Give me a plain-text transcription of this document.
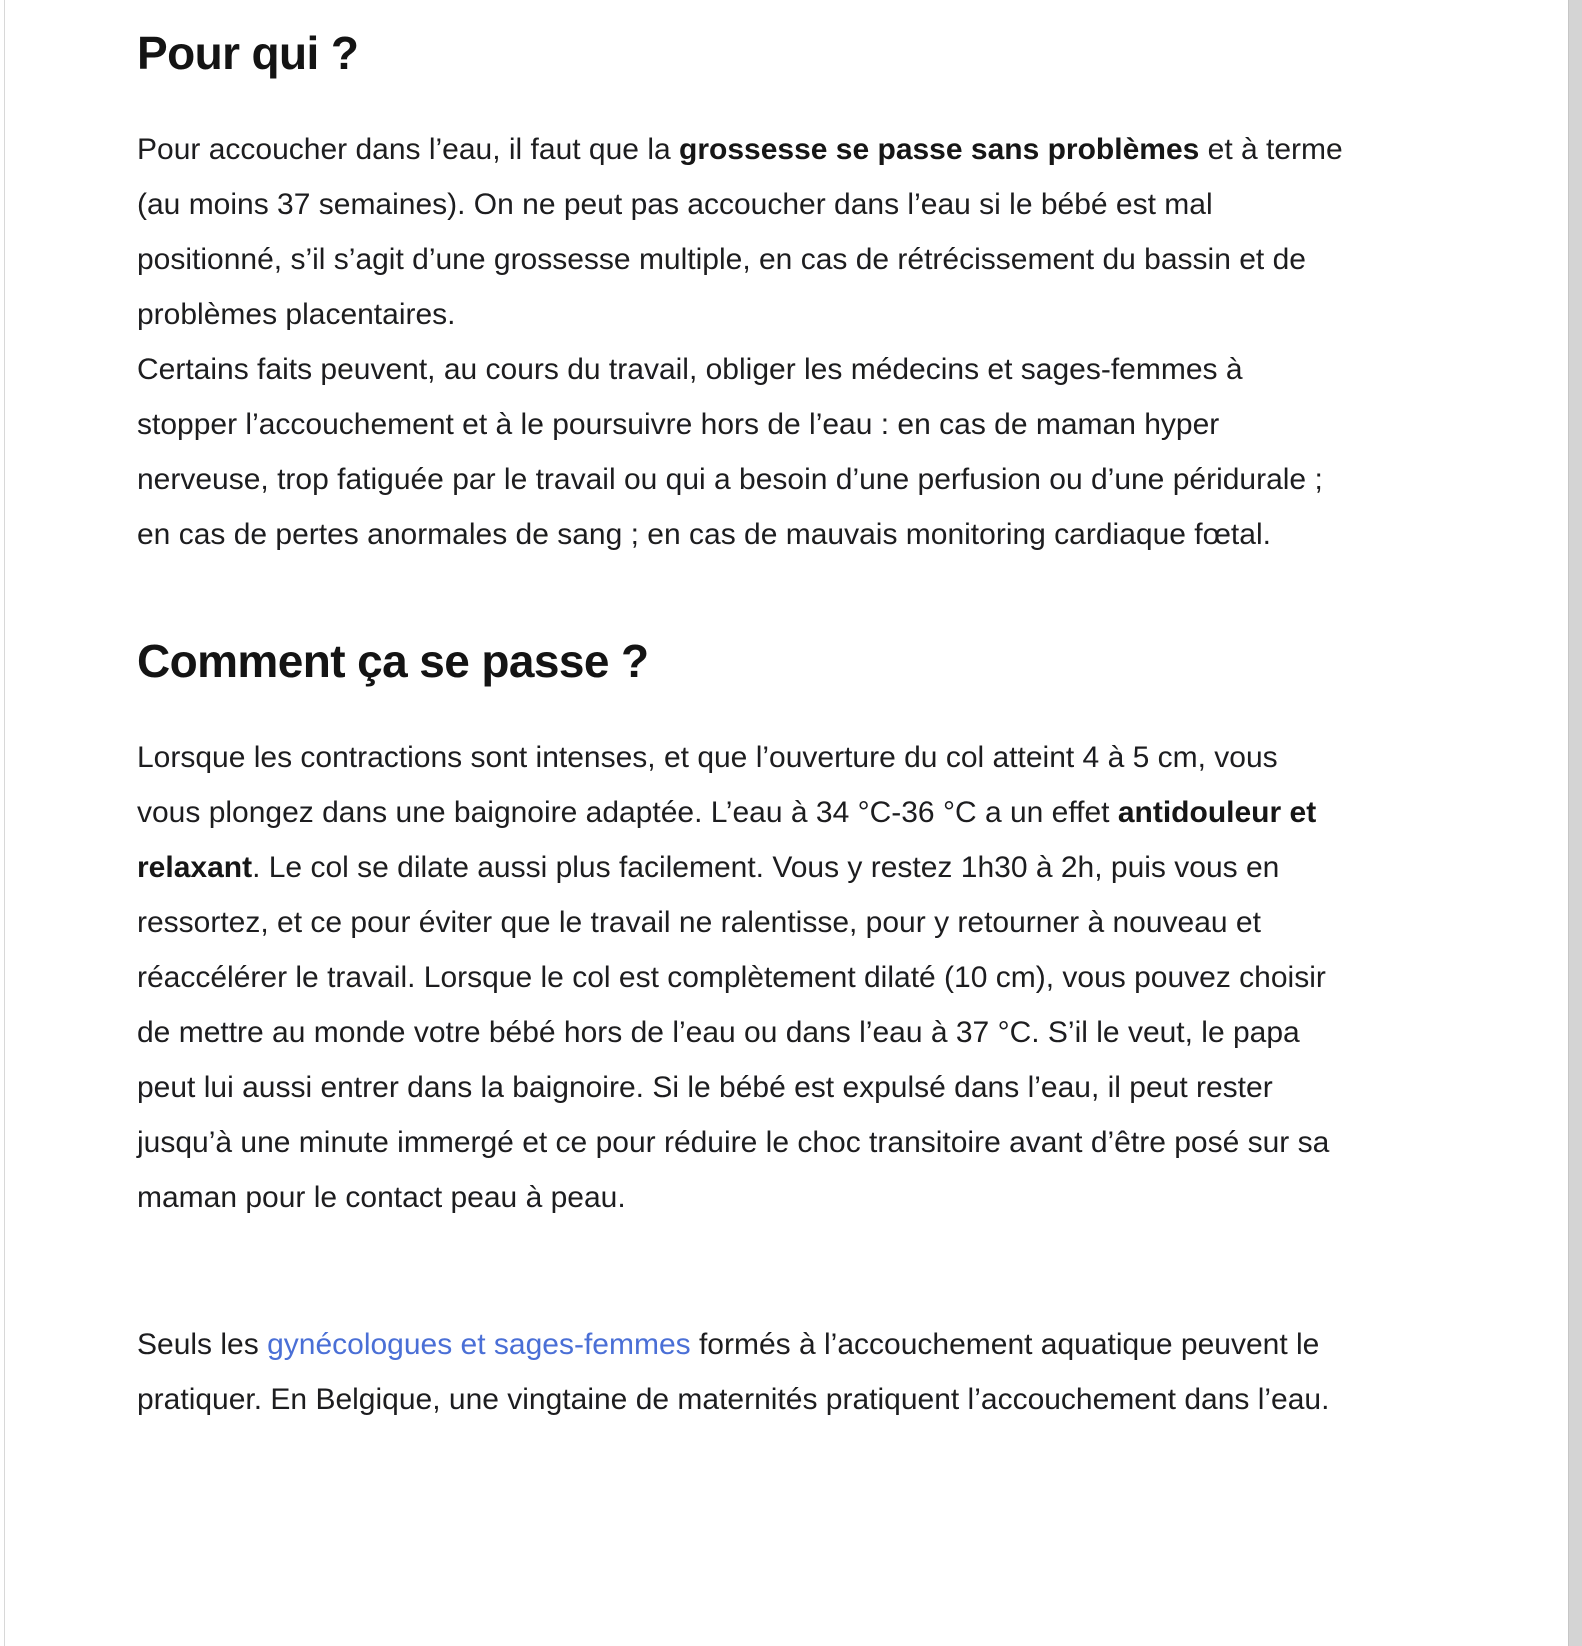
Pour qui ?

Pour accoucher dans l’eau, il faut que la grossesse se passe sans problèmes et à terme (au moins 37 semaines). On ne peut pas accoucher dans l’eau si le bébé est mal positionné, s’il s’agit d’une grossesse multiple, en cas de rétrécissement du bassin et de problèmes placentaires.
Certains faits peuvent, au cours du travail, obliger les médecins et sages-femmes à stopper l’accouchement et à le poursuivre hors de l’eau : en cas de maman hyper nerveuse, trop fatiguée par le travail ou qui a besoin d’une perfusion ou d’une péridurale ; en cas de pertes anormales de sang ; en cas de mauvais monitoring cardiaque fœtal.

Comment ça se passe ?

Lorsque les contractions sont intenses, et que l’ouverture du col atteint 4 à 5 cm, vous vous plongez dans une baignoire adaptée. L’eau à 34 °C-36 °C a un effet antidouleur et relaxant. Le col se dilate aussi plus facilement. Vous y restez 1h30 à 2h, puis vous en ressortez, et ce pour éviter que le travail ne ralentisse, pour y retourner à nouveau et réaccélérer le travail. Lorsque le col est complètement dilaté (10 cm), vous pouvez choisir de mettre au monde votre bébé hors de l’eau ou dans l’eau à 37 °C. S’il le veut, le papa peut lui aussi entrer dans la baignoire. Si le bébé est expulsé dans l’eau, il peut rester jusqu’à une minute immergé et ce pour réduire le choc transitoire avant d’être posé sur sa maman pour le contact peau à peau.

Seuls les gynécologues et sages-femmes formés à l’accouchement aquatique peuvent le pratiquer. En Belgique, une vingtaine de maternités pratiquent l’accouchement dans l’eau.
